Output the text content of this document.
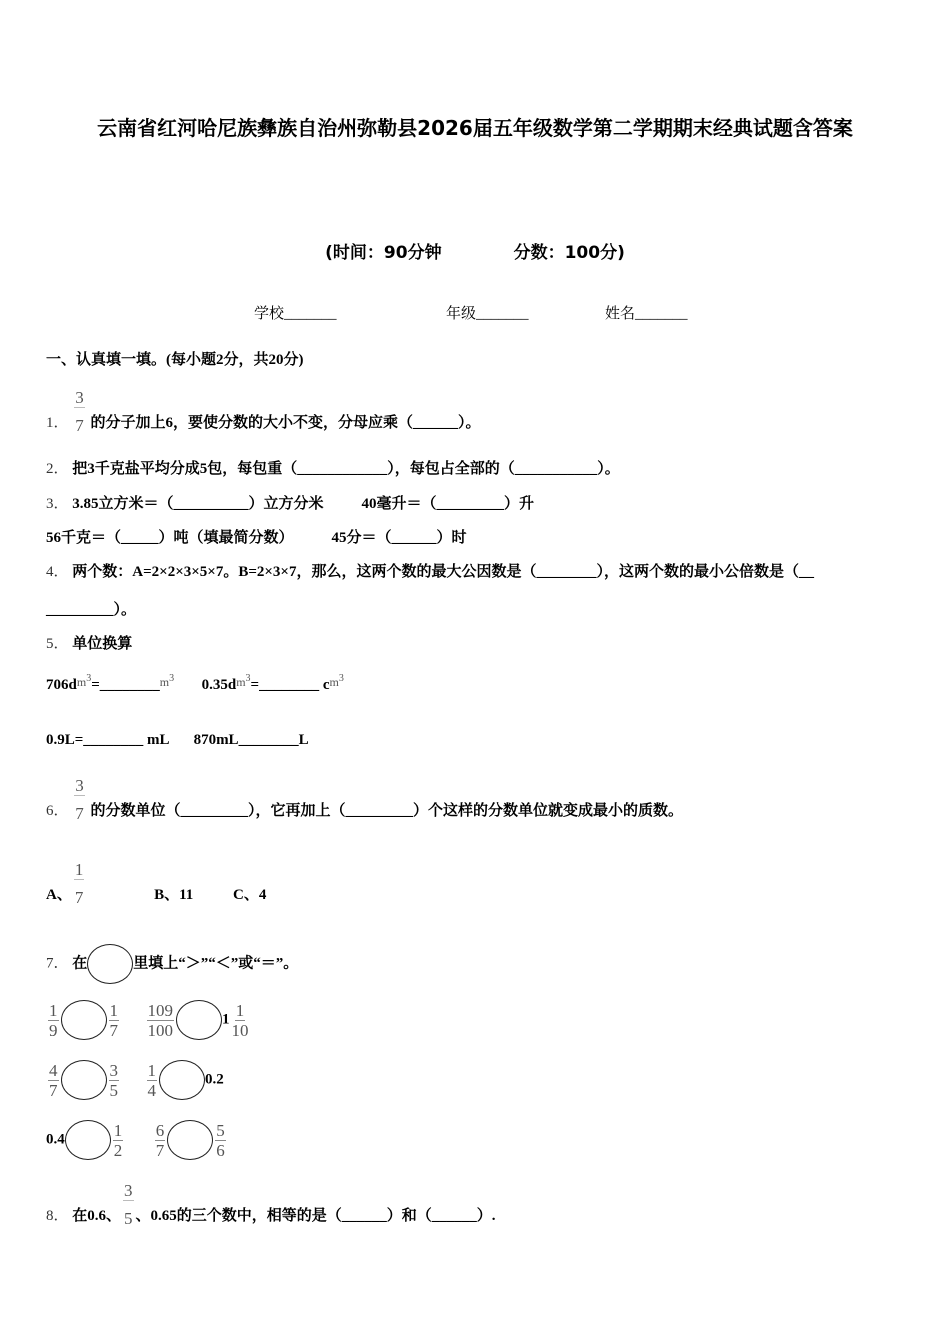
云南省红河哈尼族彝族自治州弥勒县2026届五年级数学第二学期期末经典试题含答案
(时间：90分钟	分数：100分)
学校_______	年级_______	姓名_______
一、认真填一填。(每小题2分，共20分)
1． $\frac{3}{7}$ 的分子加上6，要使分数的大小不变，分母应乘（______）。
2． 把3千克盐平均分成5包，每包重（____________），每包占全部的（___________）。
3． 3.85立方米＝（__________）立方分米	40毫升＝（_________）升
56千克＝（_____）吨（填最简分数）	45分＝（______）时
4． 两个数：A=2×2×3×5×7。B=2×3×7，那么，这两个数的最大公因数是（________），这两个数的最小公倍数是（__
_________）。
5． 单位换算
$706d^{m^3}=\_\_\_\_\_\_\_\_^{m^3}$ $0.35d^{m^3}=\_\_\_\_\_\_\_\_$ $c^{m^3}$
0.9L=________ mL 870mL________L
6． $\frac{3}{7}$ 的分数单位（_________），它再加上（_________）个这样的分数单位就变成最小的质数。
A、 $\frac{1}{7}$	B、11	C、4
7． 在	里填上“＞”“＜”或“＝”。
$\frac{1}{9}$	$\frac{1}{7}$
$\frac{109}{100}$	$1 \frac{1}{10}$
$\frac{4}{7}$	$\frac{3}{5}$
$\frac{1}{4}$	0.2
0.4	$\frac{1}{2}$
$\frac{6}{7}$	$\frac{5}{6}$
8． 在0.6、 $\frac{3}{5}$ 、0.65的三个数中，相等的是（______）和（______）.
